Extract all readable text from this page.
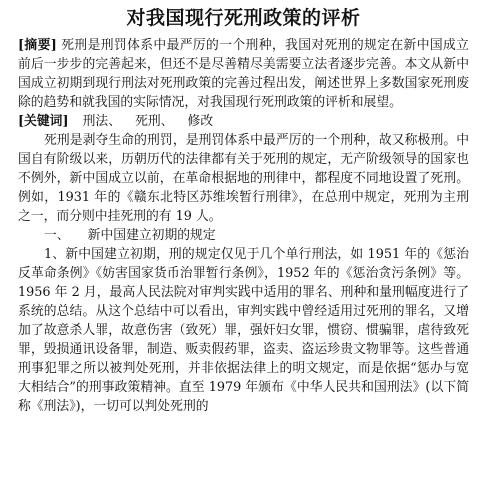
对我国现行死刑政策的评析

[摘要] 死刑是刑罚体系中最严厉的一个刑种，我国对死刑的规定在新中国成立前后一步步的完善起来，但还不是尽善精尽美需要立法者逐步完善。本文从新中国成立初期到现行刑法对死刑政策的完善过程出发，阐述世界上多数国家死刑废除的趋势和就我国的实际情况，对我国现行死刑政策的评析和展望。

[关键词] 刑法、 死刑、 修改

死刑是剥夺生命的刑罚，是刑罚体系中最严厉的一个刑种，故又称极刑。中国自有阶级以来，历朝历代的法律都有关于死刑的规定，无产阶级领导的国家也不例外，新中国成立以前，在革命根据地的刑律中，都程度不同地设置了死刑。例如，1931 年的《赣东北特区苏维埃暂行刑律》，在总刑中规定，死刑为主刑之一，而分则中挂死刑的有 19 人。

一、 新中国建立初期的规定

1、新中国建立初期，刑的规定仅见于几个单行刑法，如 1951 年的《惩治反革命条例》《妨害国家货币治罪暂行条例》，1952 年的《惩治贪污条例》等。1956 年 2 月，最高人民法院对审判实践中适用的罪名、刑种和量刑幅度进行了系统的总结。从这个总结中可以看出，审判实践中曾经适用过死刑的罪名，又增加了故意杀人罪，故意伤害（致死）罪，强奸妇女罪，惯窃、惯骗罪，虐待致死罪，毁损通讯设备罪，制造、贩卖假药罪，盗卖、盗运珍贵文物罪等。这些普通刑事犯罪之所以被判处死刑，并非依据法律上的明文规定，而是依据“惩办与宽大相结合”的刑事政策精神。直至 1979 年颁布《中华人民共和国刑法》(以下简称《刑法》)，一切可以判处死刑的
